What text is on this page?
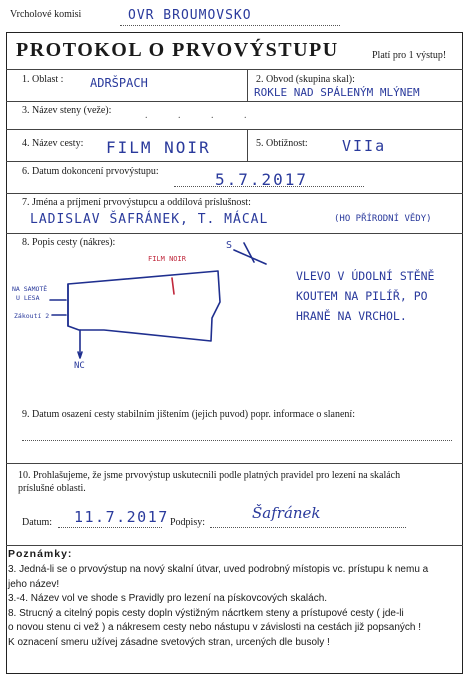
Vrcholové komisi	OVR BROUMOVSKO
PROTOKOL O PRVOVÝSTUPU	Platí pro 1 výstup!
1. Oblast : ADRŠPACH	2. Obvod (skupina skal):
ROKLE NAD SPÁLENÝM MLÝNEM
3. Název steny (veže):	. . . .
4. Název cesty: FILM NOIR	5. Obtížnost: VIIa
6. Datum dokoncení prvovýstupu:	5.7.2017
7. Jména a príjmení prvovýstupcu a oddílová príslušnost:
LADISLAV ŠAFRÁNEK, T. MÁCAL	(HO PŘÍRODNÍ VĚDY)
8. Popis cesty (nákres):
FILM NOIR
NA SAMOTĚ
U LESA
Zákoutí 2
NC
S
VLEVO V ÚDOLNÍ STĚNĚ
KOUTEM NA PILÍŘ, PO
HRANĚ NA VRCHOL.
9. Datum osazení cesty stabilním jištením (jejich puvod) popr. informace o slanení:
10. Prohlašujeme, že jsme prvovýstup uskutecnili podle platných pravidel pro lezení na skalách
príslušné oblasti.
Datum: 11.7.2017 Podpisy:
Šafránek
Poznámky:
3. Jedná-li se o prvovýstup na nový skalní útvar, uved podrobný místopis vc. prístupu k nemu a
jeho název!
3.-4. Název vol ve shode s Pravidly pro lezení na pískovcových skalách.
8. Strucný a citelný popis cesty dopln výstižným nácrtkem steny a prístupové cesty ( jde-li
o novou stenu ci vež ) a nákresem cesty nebo nástupu v závislosti na cestách již popsaných !
K oznacení smeru užívej zásadne svetových stran, urcených dle busoly !
